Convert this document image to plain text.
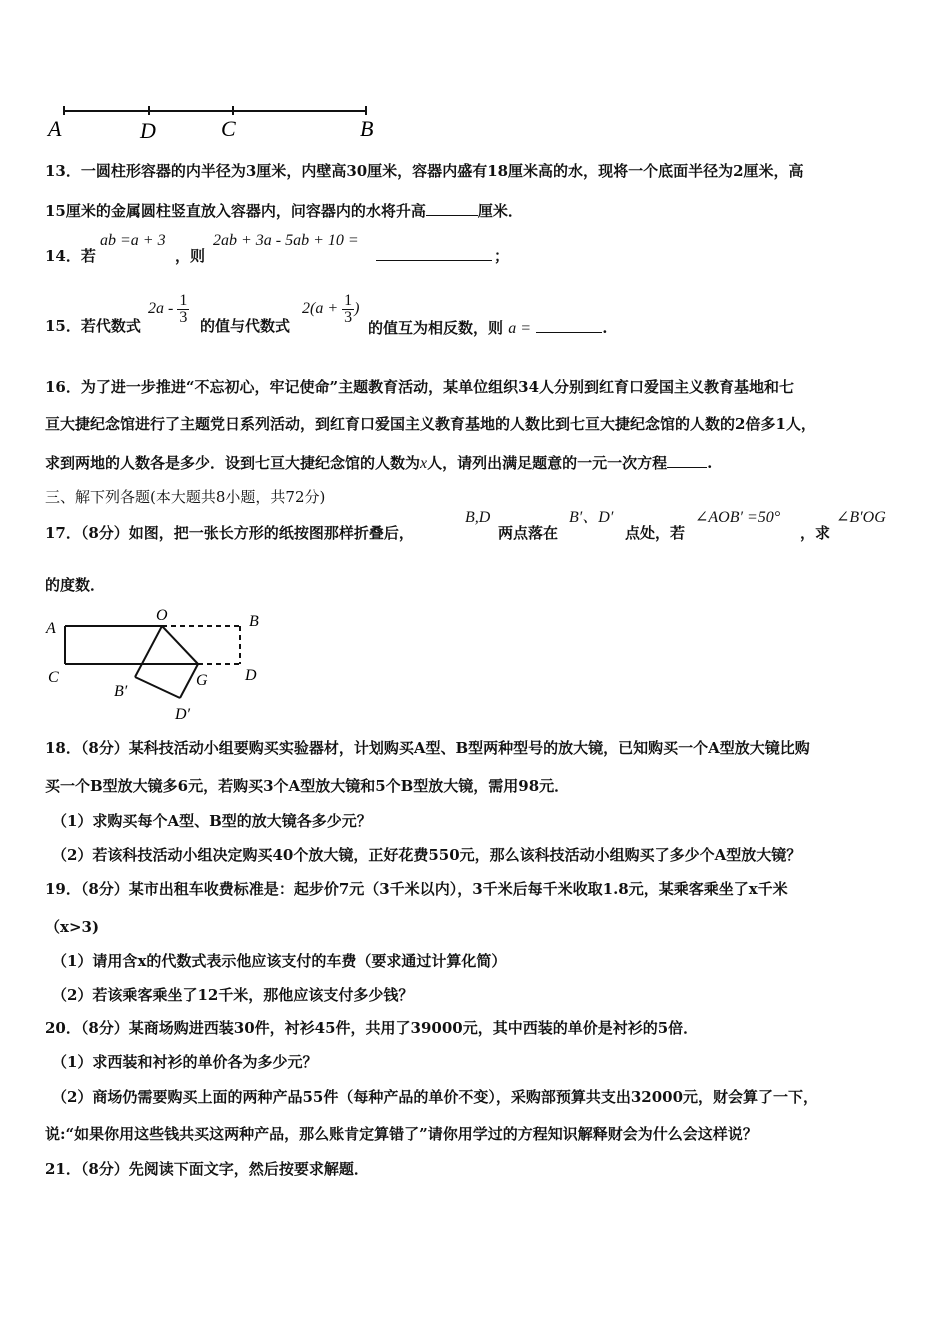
A	D	C	B
13．一圆柱形容器的内半径为3厘米，内壁高30厘米，容器内盛有18厘米高的水，现将一个底面半径为2厘米，高
15厘米的金属圆柱竖直放入容器内，问容器内的水将升高	厘米．
14．若
ab =a + 3
，则
2ab + 3a - 5ab + 10 =
；
15．若代数式
$2a - \frac{1}{3}$ 的值与代数式
$2(a + \frac{1}{3}$ )
的值互为相反数，则 a =	.
16．为了进一步推进“不忘初心，牢记使命”主题教育活动，某单位组织34人分别到红育口爱国主义教育基地和七
亘大捷纪念馆进行了主题党日系列活动，到红育口爱国主义教育基地的人数比到七亘大捷纪念馆的人数的2倍多1人，
求到两地的人数各是多少．设到七亘大捷纪念馆的人数为x人，请列出满足题意的一元一次方程	.
三、解下列各题(本大题共8小题，共72分)
17．（8分）如图，把一张长方形的纸按图那样折叠后，
B,D
两点落在
B′、D′
点处，若
∠AOB′ =50°
，求
∠B′OG
的度数．
A
O	B
C	D
B′
G
D′
18．（8分）某科技活动小组要购买实验器材，计划购买A型、B型两种型号的放大镜，已知购买一个A型放大镜比购
买一个B型放大镜多6元，若购买3个A型放大镜和5个B型放大镜，需用98元．
（1）求购买每个A型、B型的放大镜各多少元？
（2）若该科技活动小组决定购买40个放大镜，正好花费550元，那么该科技活动小组购买了多少个A型放大镜？
19．（8分）某市出租车收费标准是：起步价7元（3千米以内），3千米后每千米收取1.8元，某乘客乘坐了x千米
（x>3)
（1）请用含x的代数式表示他应该支付的车费（要求通过计算化简）
（2）若该乘客乘坐了12千米，那他应该支付多少钱？
20．（8分）某商场购进西装30件，衬衫45件，共用了39000元，其中西装的单价是衬衫的5倍．
（1）求西装和衬衫的单价各为多少元？
（2）商场仍需要购买上面的两种产品55件（每种产品的单价不变），采购部预算共支出32000元，财会算了一下，
说:“如果你用这些钱共买这两种产品，那么账肯定算错了”请你用学过的方程知识解释财会为什么会这样说？
21．（8分）先阅读下面文字，然后按要求解题．
